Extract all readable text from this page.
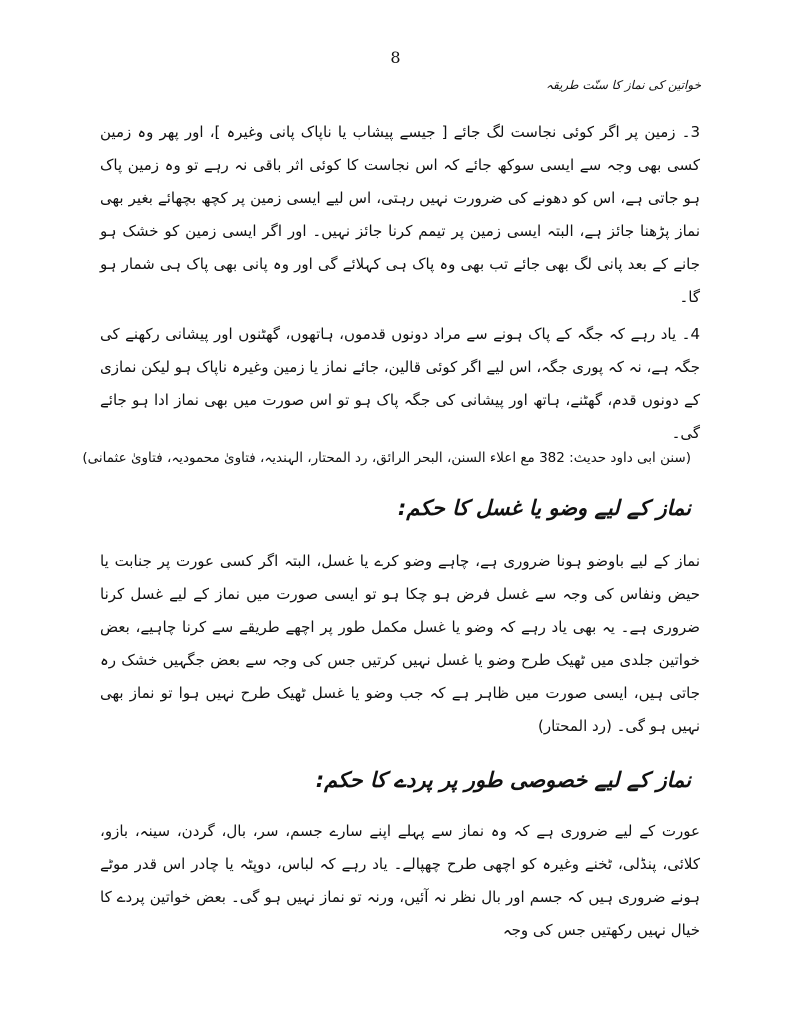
8
خواتین کی نماز کا سنّت طریقہ

3۔ زمین پر اگر کوئی نجاست لگ جائے [ جیسے پیشاب یا ناپاک پانی وغیرہ ]، اور پھر وہ زمین کسی بھی وجہ سے ایسی سوکھ جائے کہ اس نجاست کا کوئی اثر باقی نہ رہے تو وہ زمین پاک ہو جاتی ہے، اس کو دھونے کی ضرورت نہیں رہتی، اس لیے ایسی زمین پر کچھ بچھائے بغیر بھی نماز پڑھنا جائز ہے، البتہ ایسی زمین پر تیمم کرنا جائز نہیں۔ اور اگر ایسی زمین کو خشک ہو جانے کے بعد پانی لگ بھی جائے تب بھی وہ پاک ہی کہلائے گی اور وہ پانی بھی پاک ہی شمار ہو گا۔

4۔ یاد رہے کہ جگہ کے پاک ہونے سے مراد دونوں قدموں، ہاتھوں، گھٹنوں اور پیشانی رکھنے کی جگہ ہے، نہ کہ پوری جگہ، اس لیے اگر کوئی قالین، جائے نماز یا زمین وغیرہ ناپاک ہو لیکن نمازی کے دونوں قدم، گھٹنے، ہاتھ اور پیشانی کی جگہ پاک ہو تو اس صورت میں بھی نماز ادا ہو جائے گی۔

(سنن ابی داود حدیث: 382 مع اعلاء السنن، البحر الرائق، رد المحتار، الہندیہ، فتاویٰ محمودیہ، فتاویٰ عثمانی)
نماز کے لیے وضو یا غسل کا حکم:

نماز کے لیے باوضو ہونا ضروری ہے، چاہے وضو کرے یا غسل، البتہ اگر کسی عورت پر جنابت یا حیض ونفاس کی وجہ سے غسل فرض ہو چکا ہو تو ایسی صورت میں نماز کے لیے غسل کرنا ضروری ہے۔ یہ بھی یاد رہے کہ وضو یا غسل مکمل طور پر اچھے طریقے سے کرنا چاہیے، بعض خواتین جلدی میں ٹھیک طرح وضو یا غسل نہیں کرتیں جس کی وجہ سے بعض جگہیں خشک رہ جاتی ہیں، ایسی صورت میں ظاہر ہے کہ جب وضو یا غسل ٹھیک طرح نہیں ہوا تو نماز بھی نہیں ہو گی۔ (رد المحتار)

نماز کے لیے خصوصی طور پر پردے کا حکم:

عورت کے لیے ضروری ہے کہ وہ نماز سے پہلے اپنے سارے جسم، سر، بال، گردن، سینہ، بازو، کلائی، پنڈلی، ٹخنے وغیرہ کو اچھی طرح چھپالے۔ یاد رہے کہ لباس، دوپٹہ یا چادر اس قدر موٹے ہونے ضروری ہیں کہ جسم اور بال نظر نہ آئیں، ورنہ تو نماز نہیں ہو گی۔ بعض خواتین پردے کا خیال نہیں رکھتیں جس کی وجہ
